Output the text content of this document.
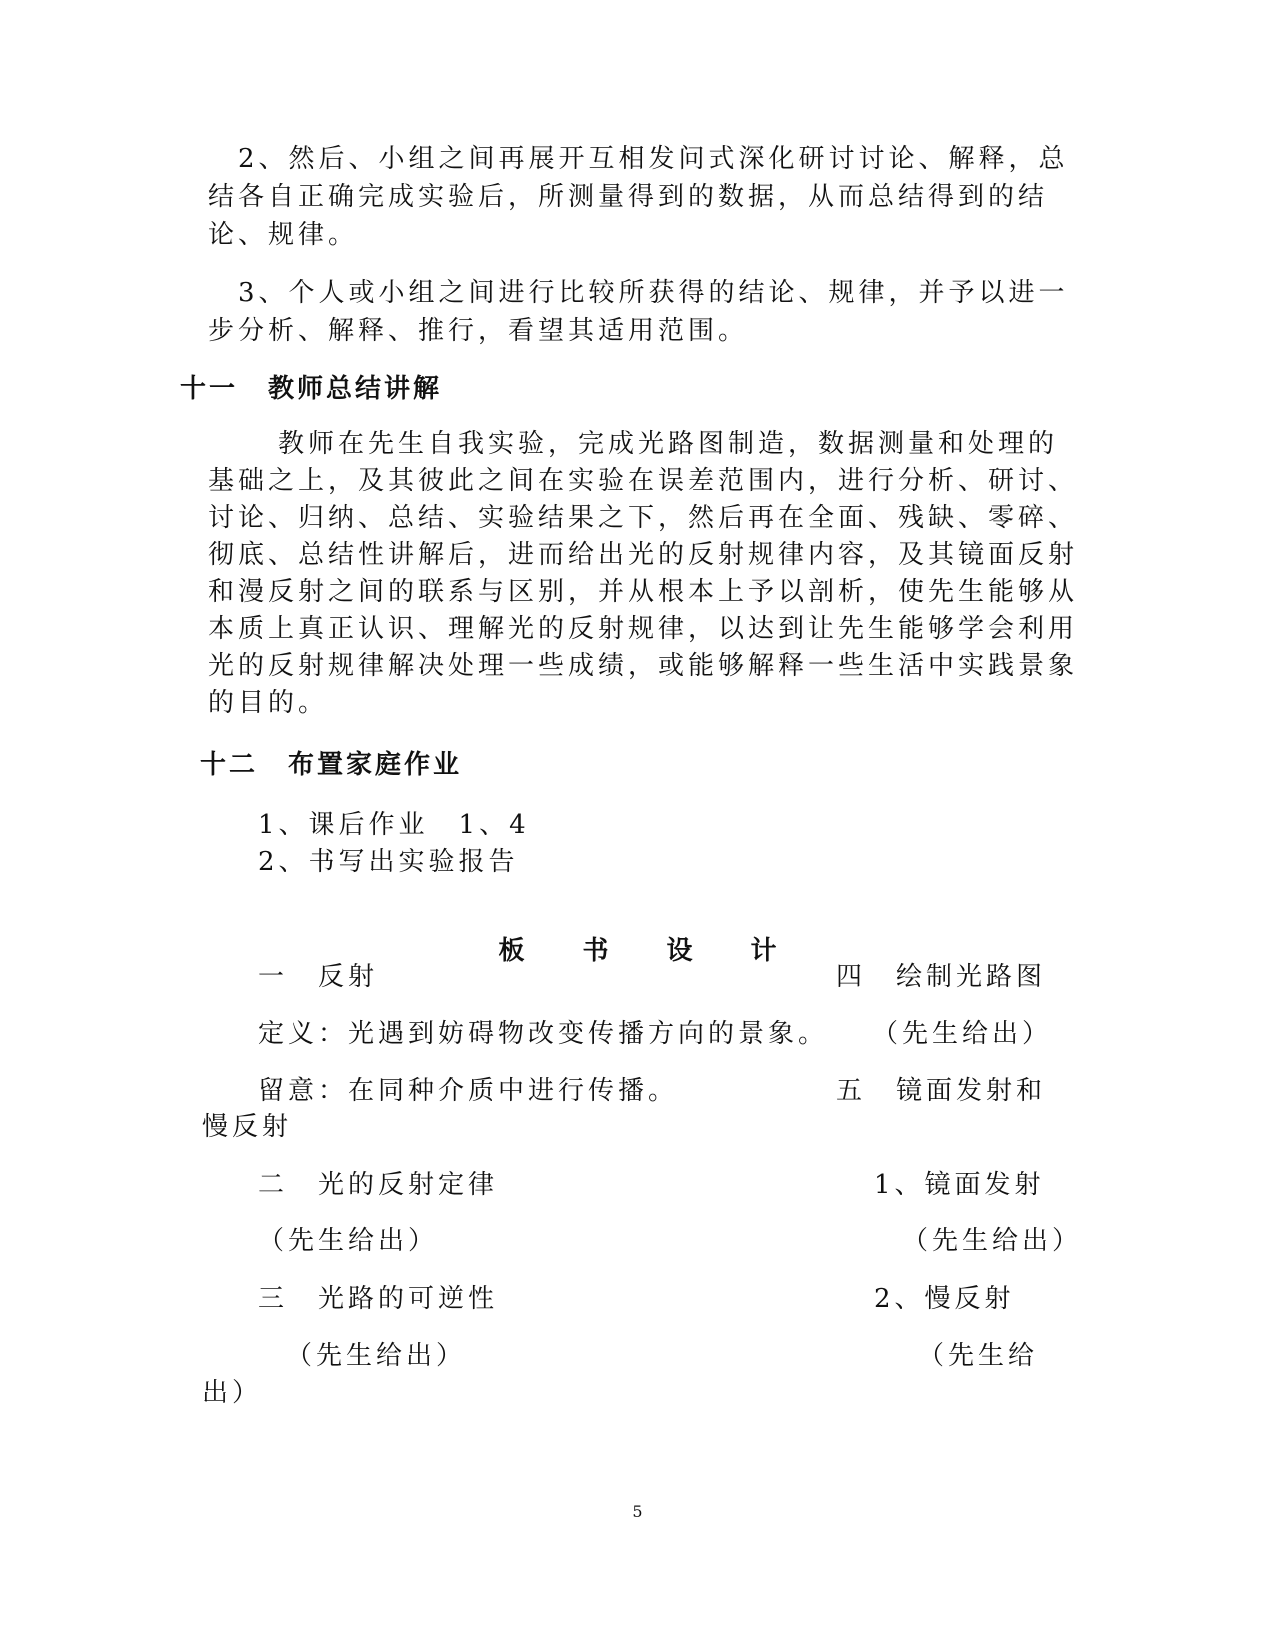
2、然后、小组之间再展开互相发问式深化研讨讨论、解释，总结各自正确完成实验后，所测量得到的数据，从而总结得到的结论、规律。
3、个人或小组之间进行比较所获得的结论、规律，并予以进一步分析、解释、推行，看望其适用范围。
十一 教师总结讲解
教师在先生自我实验，完成光路图制造，数据测量和处理的基础之上，及其彼此之间在实验在误差范围内，进行分析、研讨、讨论、归纳、总结、实验结果之下，然后再在全面、残缺、零碎、彻底、总结性讲解后，进而给出光的反射规律内容，及其镜面反射和漫反射之间的联系与区别，并从根本上予以剖析，使先生能够从本质上真正认识、理解光的反射规律，以达到让先生能够学会利用光的反射规律解决处理一些成绩，或能够解释一些生活中实践景象的目的。
十二 布置家庭作业
1、课后作业　1、4
2、书写出实验报告
板书设计
一　反射
定义：光遇到妨碍物改变传播方向的景象。
留意：在同种介质中进行传播。
二　光的反射定律
（先生给出）
三　光路的可逆性
（先生给出）
四　绘制光路图
（先生给出）
五　镜面发射和
慢反射
1、镜面发射
（先生给出）
2、慢反射
（先生给
出）
5
